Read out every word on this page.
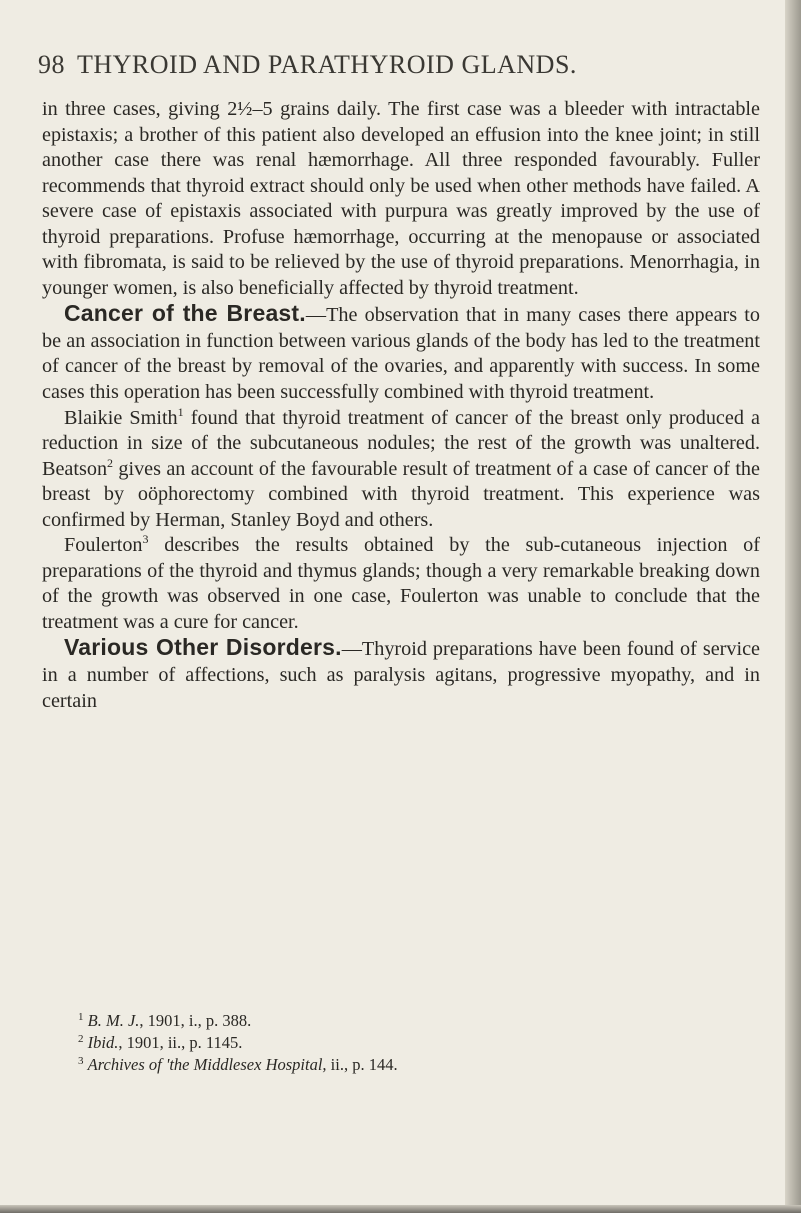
98 THYROID AND PARATHYROID GLANDS.

in three cases, giving 2½–5 grains daily. The first case was a bleeder with intractable epistaxis; a brother of this patient also developed an effusion into the knee joint; in still another case there was renal hæmorrhage. All three responded favourably. Fuller recommends that thyroid extract should only be used when other methods have failed. A severe case of epistaxis associated with purpura was greatly improved by the use of thyroid preparations. Profuse hæmorrhage, occurring at the menopause or associated with fibromata, is said to be relieved by the use of thyroid preparations. Menorrhagia, in younger women, is also beneficially affected by thyroid treatment.

Cancer of the Breast.—The observation that in many cases there appears to be an association in function between various glands of the body has led to the treatment of cancer of the breast by removal of the ovaries, and apparently with success. In some cases this operation has been successfully combined with thyroid treatment.

Blaikie Smith$^1$ found that thyroid treatment of cancer of the breast only produced a reduction in size of the subcutaneous nodules; the rest of the growth was unaltered. Beatson$^2$ gives an account of the favourable result of treatment of a case of cancer of the breast by oöphorectomy combined with thyroid treatment. This experience was confirmed by Herman, Stanley Boyd and others.

Foulerton$^3$ describes the results obtained by the sub-cutaneous injection of preparations of the thyroid and thymus glands; though a very remarkable breaking down of the growth was observed in one case, Foulerton was unable to conclude that the treatment was a cure for cancer.

Various Other Disorders.—Thyroid preparations have been found of service in a number of affections, such as paralysis agitans, progressive myopathy, and in certain

$^1$ B. M. J., 1901, i., p. 388.
$^2$ Ibid., 1901, ii., p. 1145.
$^3$ Archives of 'the Middlesex Hospital, ii., p. 144.
